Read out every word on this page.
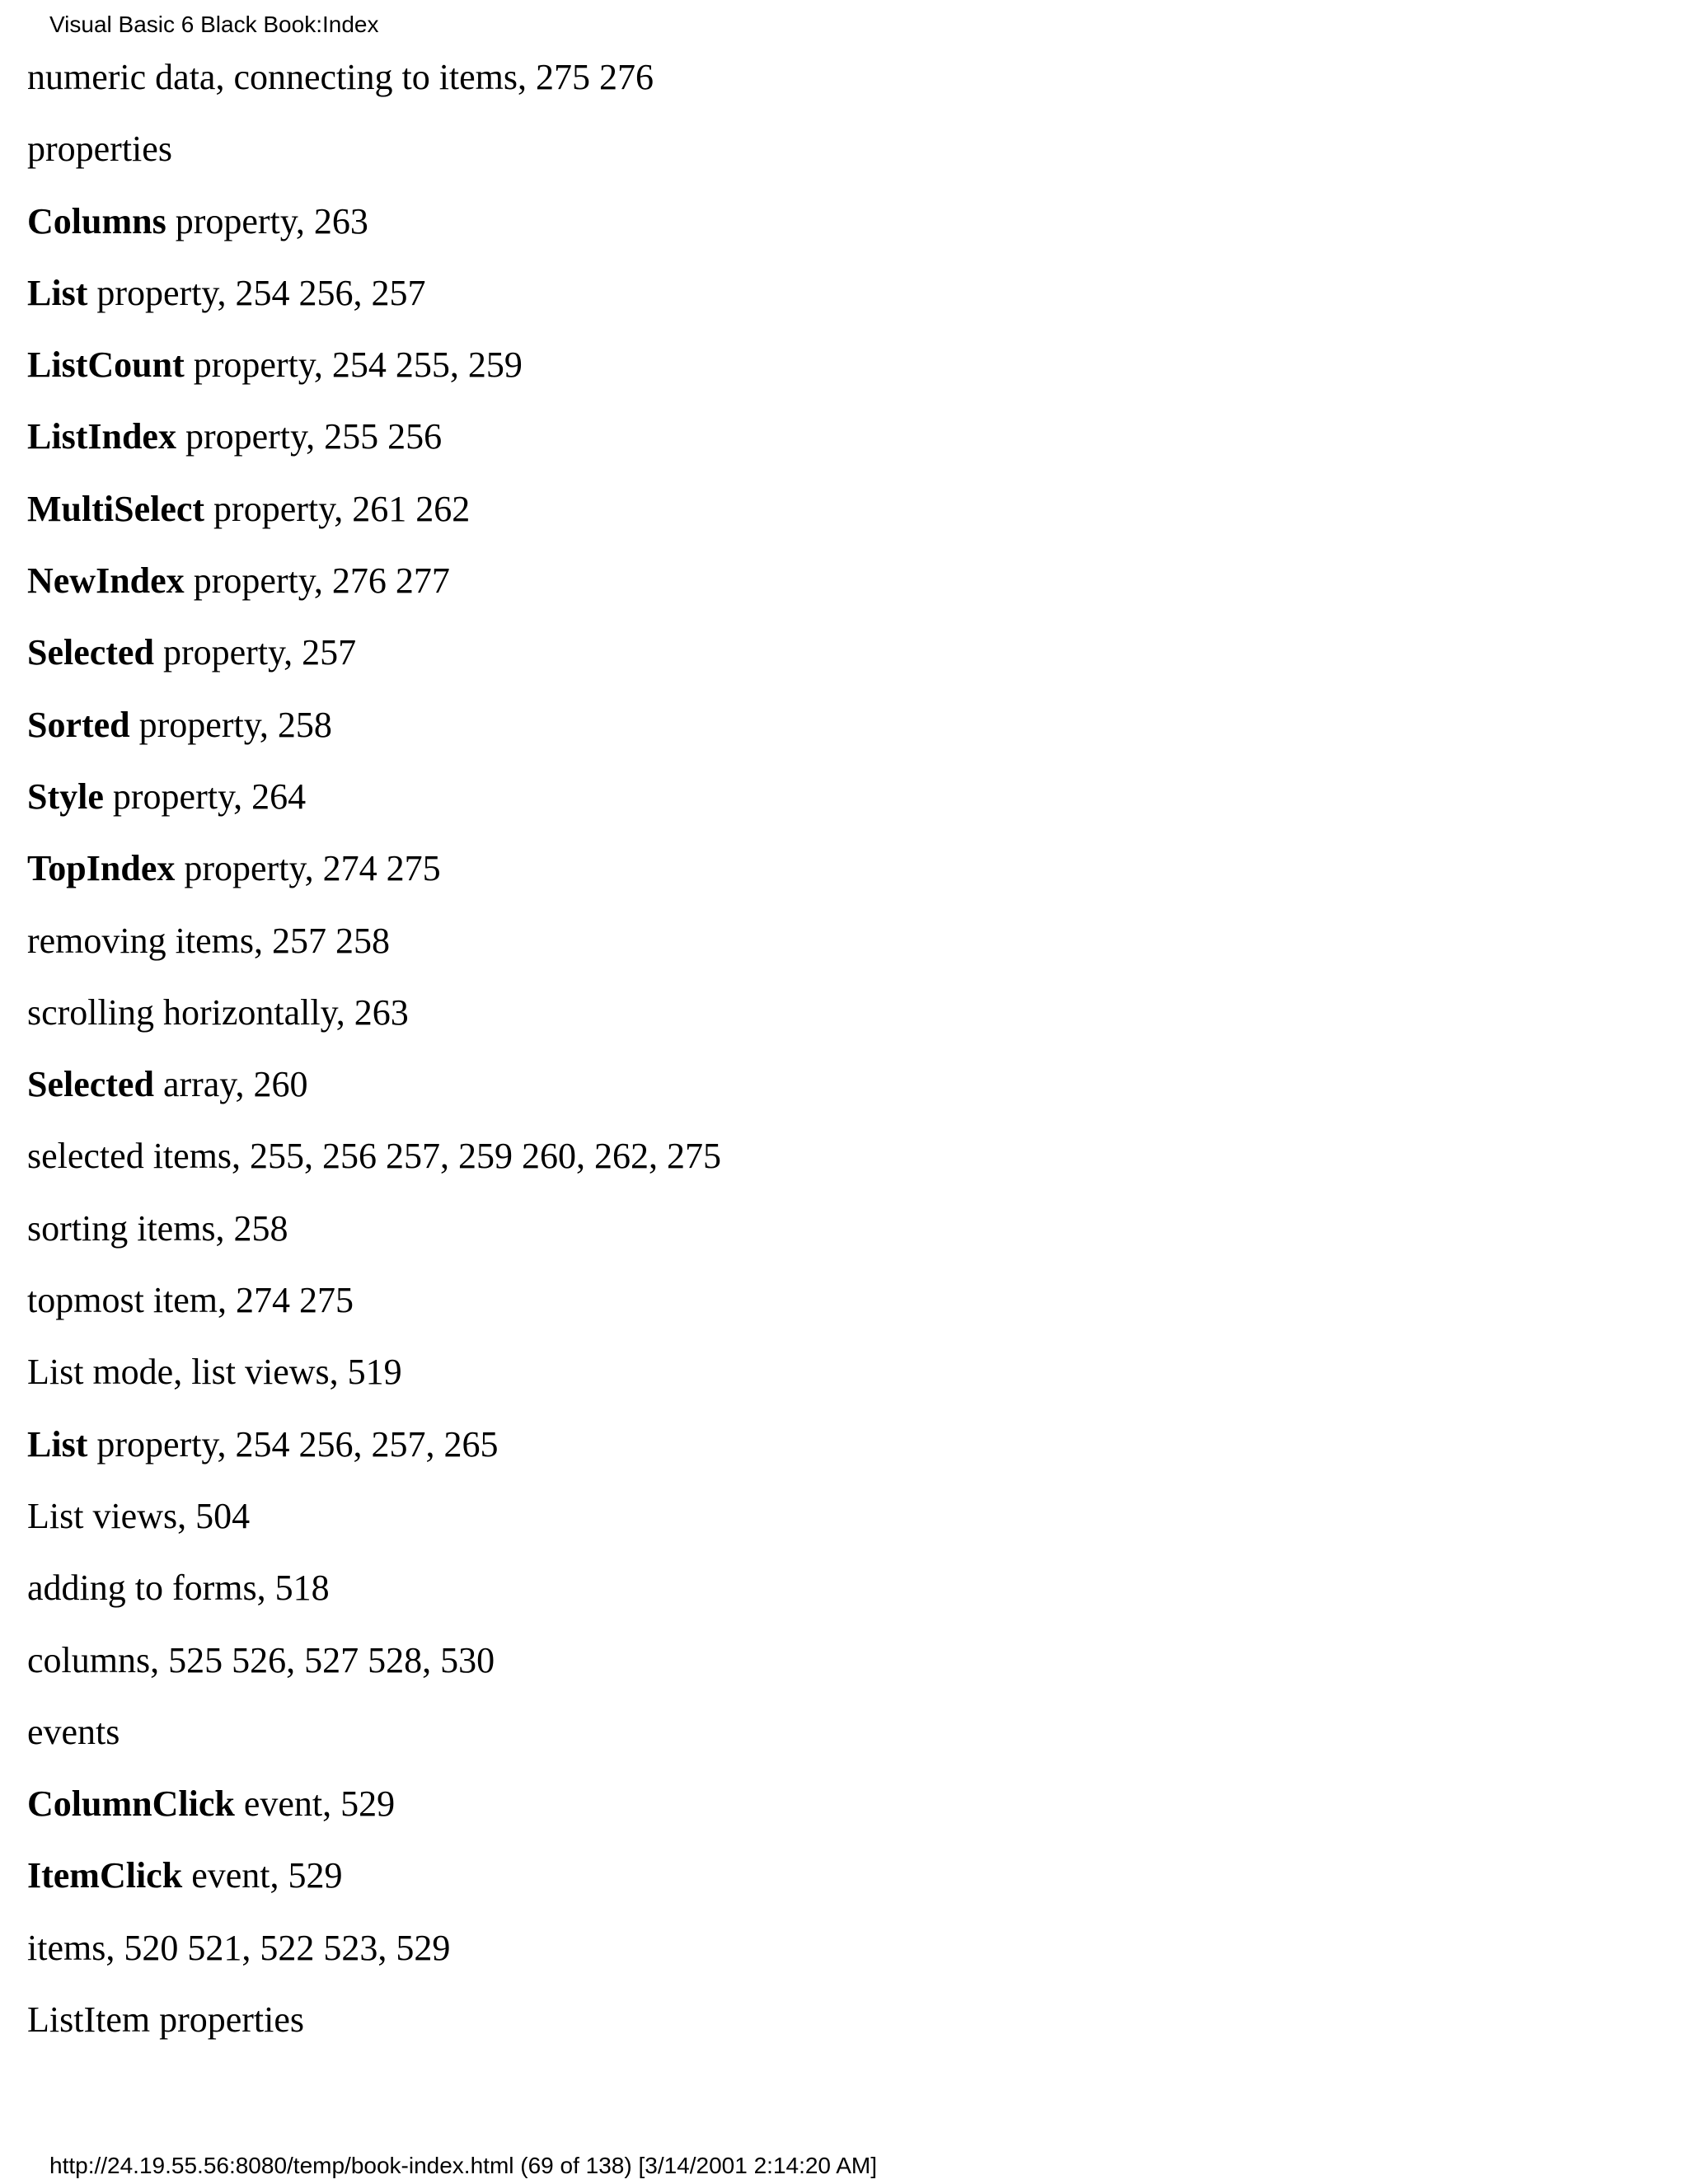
Visual Basic 6 Black Book:Index
numeric data, connecting to items, 275 276
properties
Columns property, 263
List property, 254 256, 257
ListCount property, 254 255, 259
ListIndex property, 255 256
MultiSelect property, 261 262
NewIndex property, 276 277
Selected property, 257
Sorted property, 258
Style property, 264
TopIndex property, 274 275
removing items, 257 258
scrolling horizontally, 263
Selected array, 260
selected items, 255, 256 257, 259 260, 262, 275
sorting items, 258
topmost item, 274 275
List mode, list views, 519
List property, 254 256, 257, 265
List views, 504
adding to forms, 518
columns, 525 526, 527 528, 530
events
ColumnClick event, 529
ItemClick event, 529
items, 520 521, 522 523, 529
ListItem properties
http://24.19.55.56:8080/temp/book-index.html (69 of 138) [3/14/2001 2:14:20 AM]
